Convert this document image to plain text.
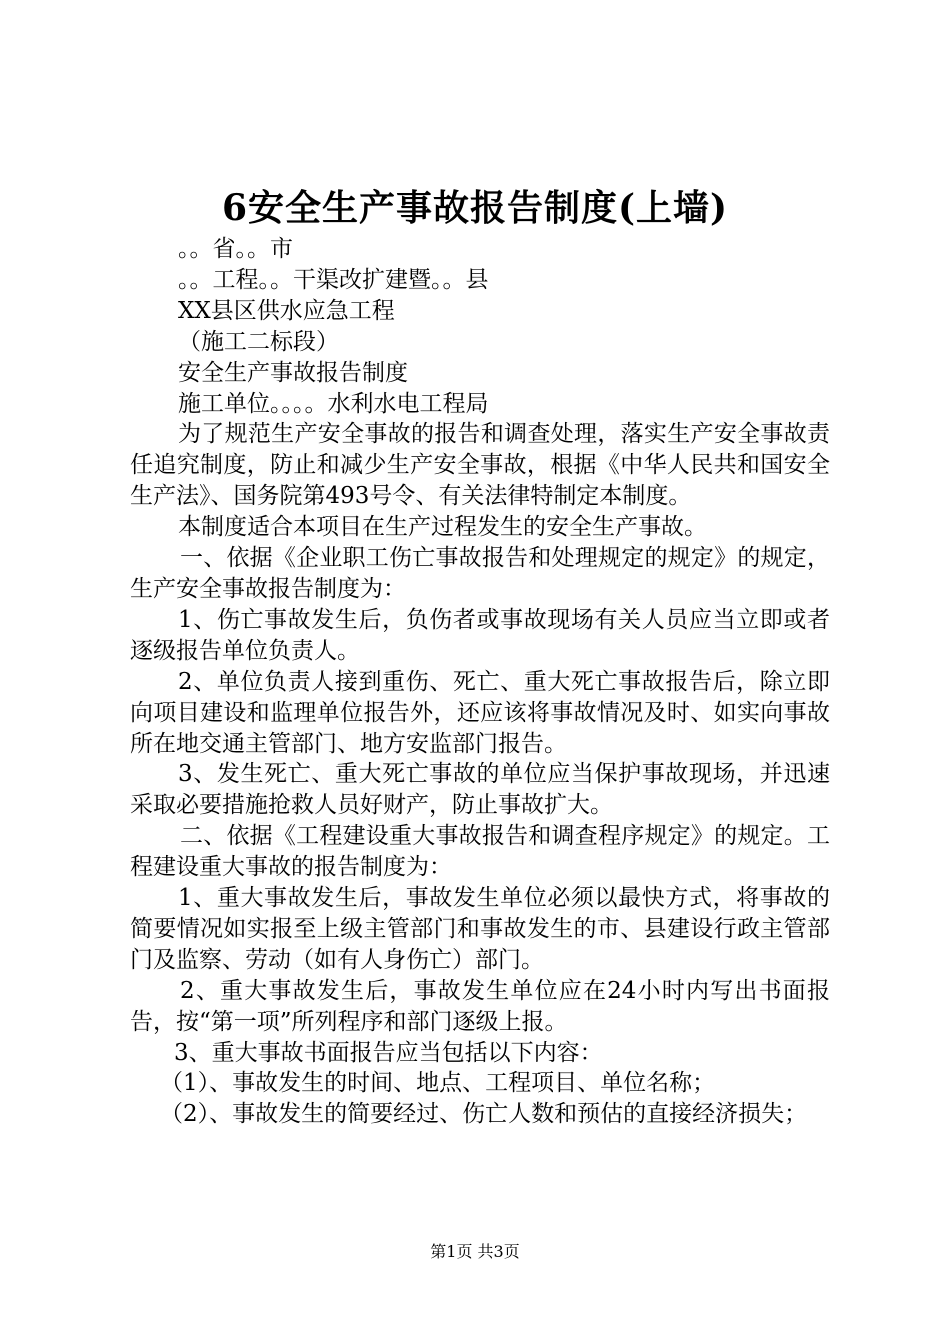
6安全生产事故报告制度(上墙)

。。省。。市

。。工程。。干渠改扩建暨。。县

XX县区供水应急工程

（施工二标段）

安全生产事故报告制度

施工单位。。。。水利水电工程局

为了规范生产安全事故的报告和调查处理，落实生产安全事故责任追究制度，防止和减少生产安全事故，根据《中华人民共和国安全生产法》、国务院第493号令、有关法律特制定本制度。

本制度适合本项目在生产过程发生的安全生产事故。

一、依据《企业职工伤亡事故报告和处理规定的规定》的规定，生产安全事故报告制度为：

1、伤亡事故发生后，负伤者或事故现场有关人员应当立即或者逐级报告单位负责人。

2、单位负责人接到重伤、死亡、重大死亡事故报告后，除立即向项目建设和监理单位报告外，还应该将事故情况及时、如实向事故所在地交通主管部门、地方安监部门报告。

3、发生死亡、重大死亡事故的单位应当保护事故现场，并迅速采取必要措施抢救人员好财产，防止事故扩大。

二、依据《工程建设重大事故报告和调查程序规定》的规定。工程建设重大事故的报告制度为：

1、重大事故发生后，事故发生单位必须以最快方式，将事故的简要情况如实报至上级主管部门和事故发生的市、县建设行政主管部门及监察、劳动（如有人身伤亡）部门。

2、重大事故发生后，事故发生单位应在24小时内写出书面报告，按“第一项”所列程序和部门逐级上报。

3、重大事故书面报告应当包括以下内容：

（1）、事故发生的时间、地点、工程项目、单位名称；

（2）、事故发生的简要经过、伤亡人数和预估的直接经济损失；

第1页 共3页
